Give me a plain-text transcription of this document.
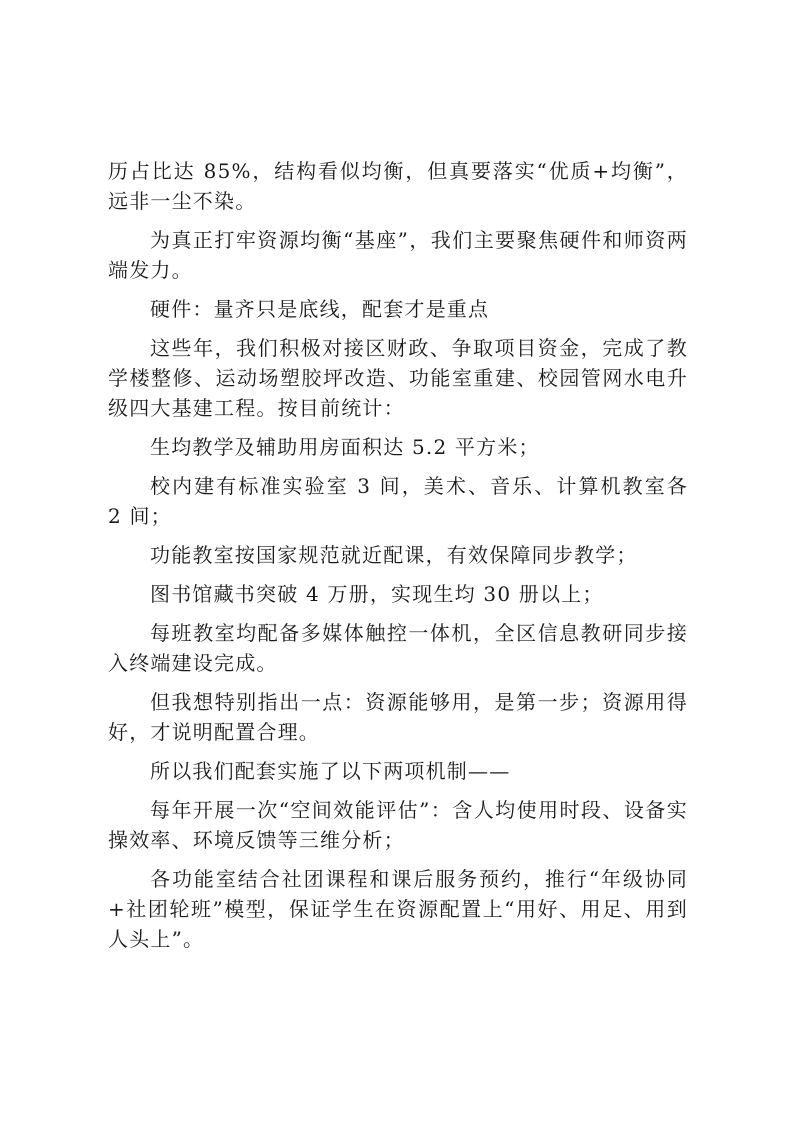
历占比达 85%，结构看似均衡，但真要落实“优质+均衡”，远非一尘不染。

为真正打牢资源均衡“基座”，我们主要聚焦硬件和师资两端发力。

硬件：量齐只是底线，配套才是重点

这些年，我们积极对接区财政、争取项目资金，完成了教学楼整修、运动场塑胶坪改造、功能室重建、校园管网水电升级四大基建工程。按目前统计：

生均教学及辅助用房面积达 5.2 平方米；

校内建有标准实验室 3 间，美术、音乐、计算机教室各 2 间；

功能教室按国家规范就近配课，有效保障同步教学；

图书馆藏书突破 4 万册，实现生均 30 册以上；

每班教室均配备多媒体触控一体机，全区信息教研同步接入终端建设完成。

但我想特别指出一点：资源能够用，是第一步；资源用得好，才说明配置合理。

所以我们配套实施了以下两项机制——

每年开展一次“空间效能评估”：含人均使用时段、设备实操效率、环境反馈等三维分析；

各功能室结合社团课程和课后服务预约，推行“年级协同+社团轮班”模型，保证学生在资源配置上“用好、用足、用到人头上”。
